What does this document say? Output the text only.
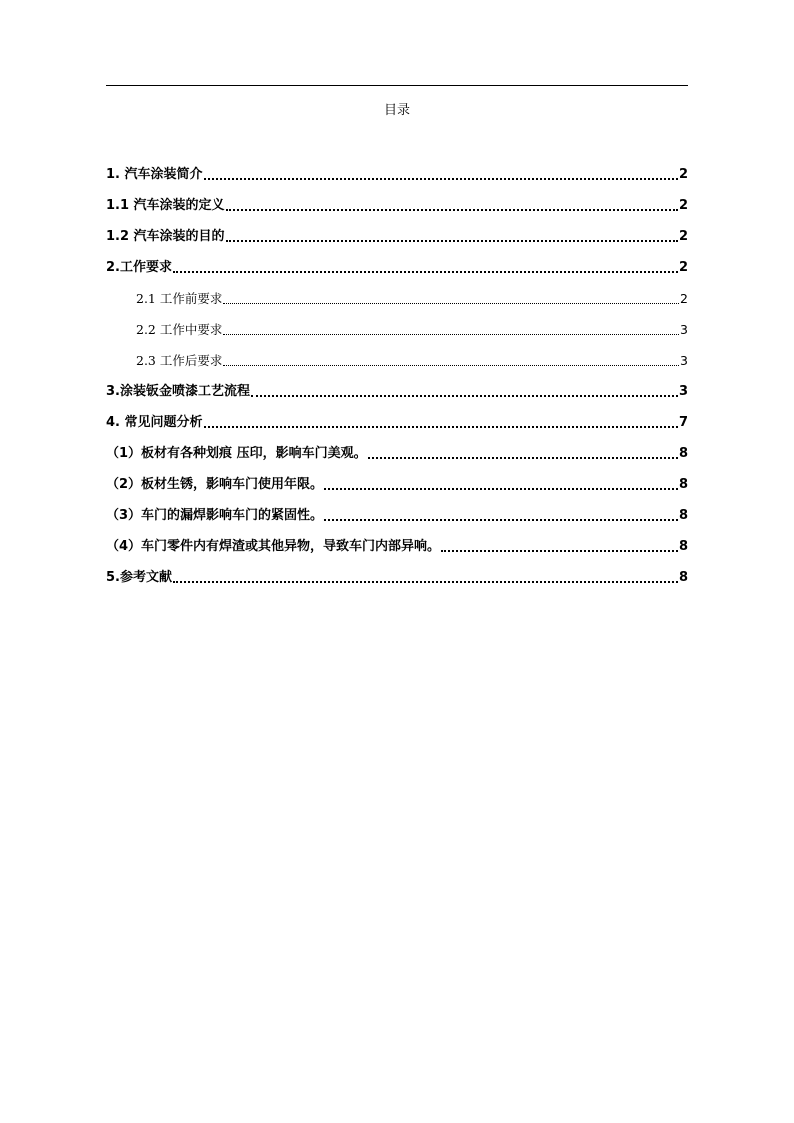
目录
1. 汽车涂装简介	2
1.1 汽车涂装的定义	2
1.2 汽车涂装的目的	2
2.工作要求	2
2.1 工作前要求	2
2.2 工作中要求	3
2.3 工作后要求	3
3.涂装钣金喷漆工艺流程	3
4. 常见问题分析	7
（1）板材有各种划痕 压印，影响车门美观。	8
（2）板材生锈，影响车门使用年限。	8
（3）车门的漏焊影响车门的紧固性。	8
（4）车门零件内有焊渣或其他异物，导致车门内部异响。	8
5.参考文献	8
